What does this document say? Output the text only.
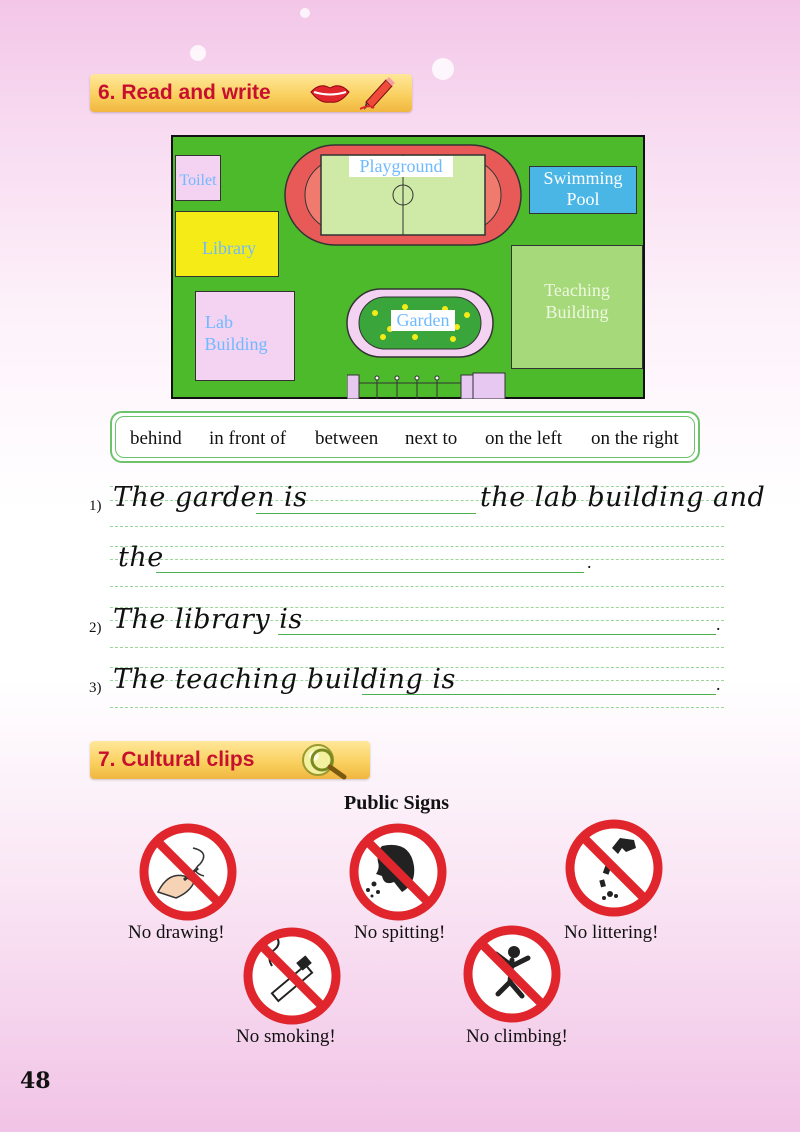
6. Read and write
Toilet
Library
Lab
Building
Playground
Swimming
Pool
Teaching
Building
Garden
behind in front of between next to on the left on the right
1) The garden is	the lab building and
the	.
2) The library is	.
3) The teaching building is	.
7. Cultural clips
Public Signs
No drawing!	No spitting!	No littering!
No smoking!	No climbing!
48
